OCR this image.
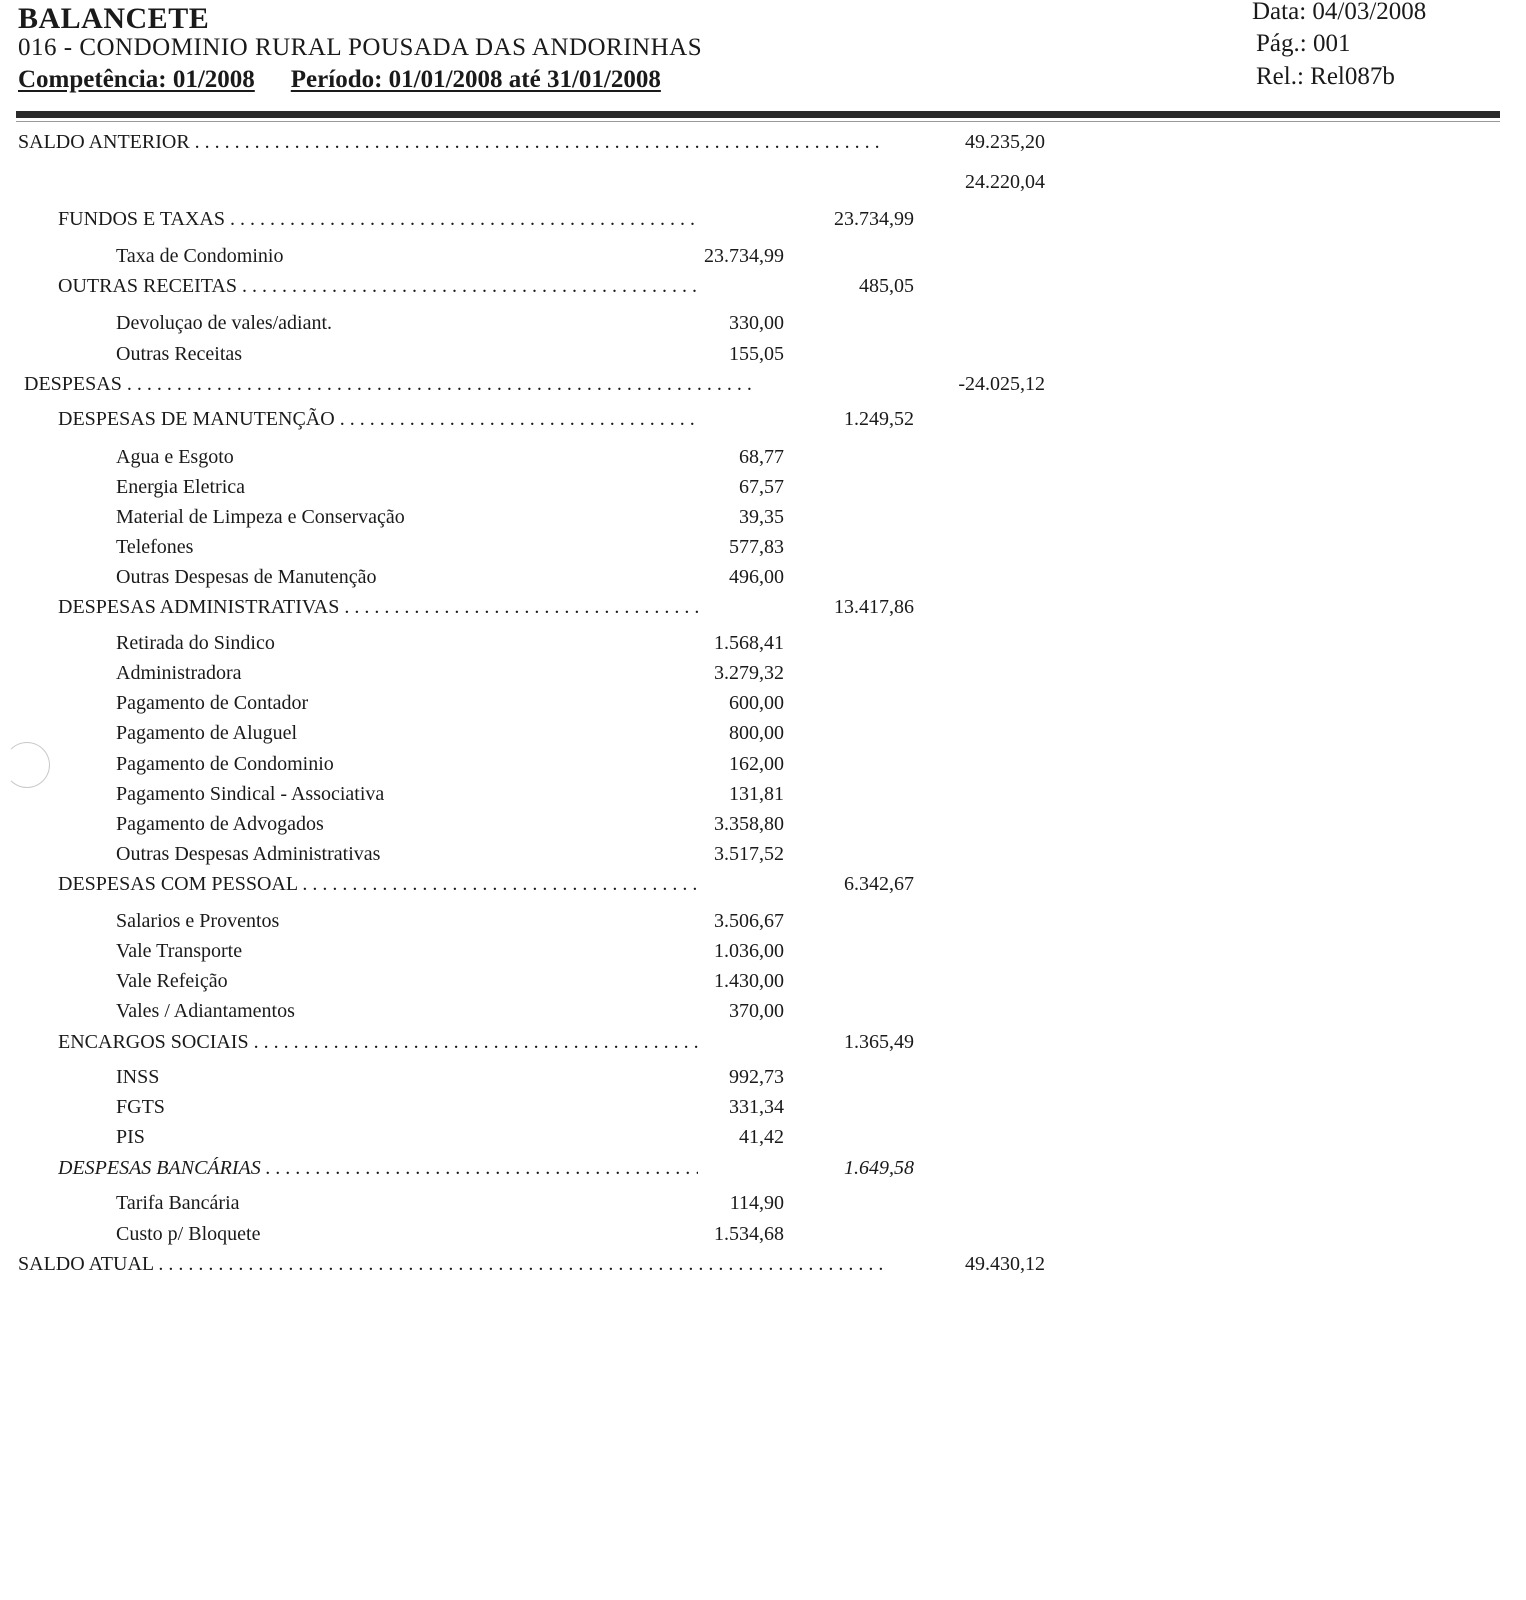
BALANCETE
016 - CONDOMINIO RURAL POUSADA DAS ANDORINHAS
Competência: 01/2008 Período: 01/01/2008 até 31/01/2008
Data: 04/03/2008
Pág.: 001
Rel.: Rel087b
SALDO ANTERIOR . . .	49.235,20
24.220,04
FUNDOS E TAXAS . . .	23.734,99
Taxa de Condominio	23.734,99
OUTRAS RECEITAS . . .	485,05
Devoluçao de vales/adiant.	330,00
Outras Receitas	155,05
DESPESAS . . .	-24.025,12
DESPESAS DE MANUTENÇÃO . . .	1.249,52
Agua e Esgoto	68,77
Energia Eletrica	67,57
Material de Limpeza e Conservação	39,35
Telefones	577,83
Outras Despesas de Manutenção	496,00
DESPESAS ADMINISTRATIVAS . . .	13.417,86
Retirada do Sindico	1.568,41
Administradora	3.279,32
Pagamento de Contador	600,00
Pagamento de Aluguel	800,00
Pagamento de Condominio	162,00
Pagamento Sindical - Associativa	131,81
Pagamento de Advogados	3.358,80
Outras Despesas Administrativas	3.517,52
DESPESAS COM PESSOAL . . .	6.342,67
Salarios e Proventos	3.506,67
Vale Transporte	1.036,00
Vale Refeição	1.430,00
Vales / Adiantamentos	370,00
ENCARGOS SOCIAIS . . .	1.365,49
INSS	992,73
FGTS	331,34
PIS	41,42
DESPESAS BANCÁRIAS . . .	1.649,58
Tarifa Bancária	114,90
Custo p/ Bloquete	1.534,68
SALDO ATUAL . . .	49.430,12
